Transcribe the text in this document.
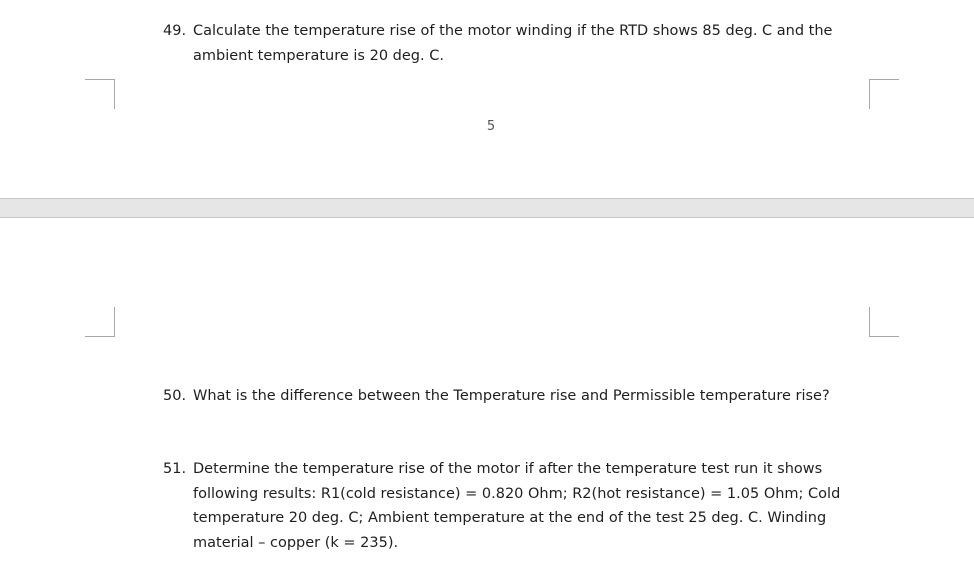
49. Calculate the temperature rise of the motor winding if the RTD shows 85 deg. C and the ambient temperature is 20 deg. C.
5
50. What is the difference between the Temperature rise and Permissible temperature rise?
51. Determine the temperature rise of the motor if after the temperature test run it shows following results: R1(cold resistance) = 0.820 Ohm; R2(hot resistance) = 1.05 Ohm; Cold temperature 20 deg. C; Ambient temperature at the end of the test 25 deg. C. Winding material – copper (k = 235).
